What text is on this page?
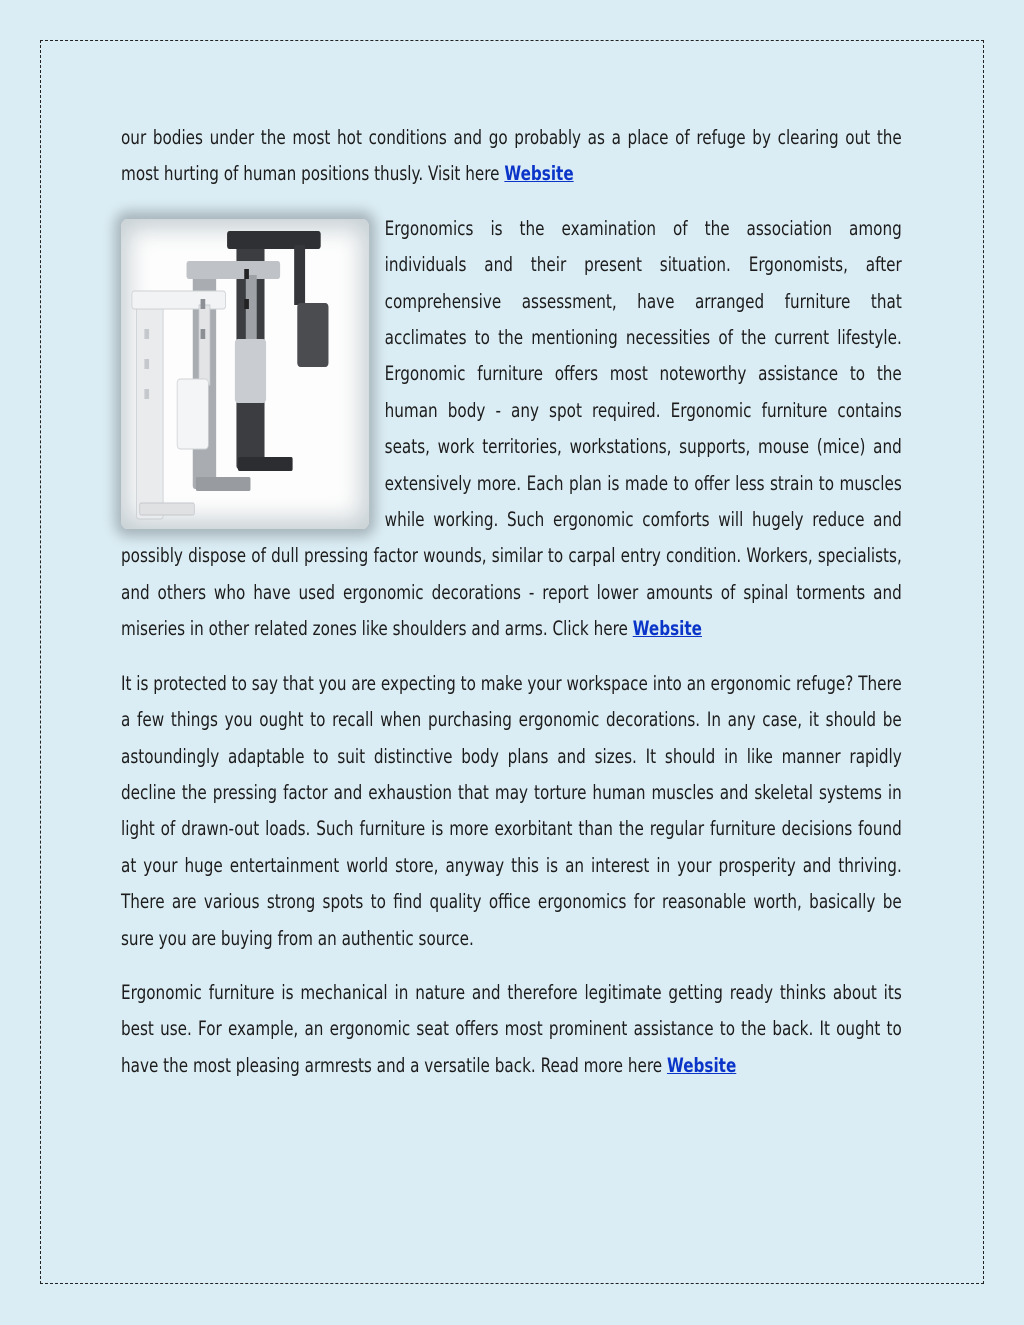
our bodies under the most hot conditions and go probably as a place of refuge by clearing out the most hurting of human positions thusly. Visit here Website

Ergonomics is the examination of the association among individuals and their present situation. Ergonomists, after comprehensive assessment, have arranged furniture that acclimates to the mentioning necessities of the current lifestyle. Ergonomic furniture offers most noteworthy assistance to the human body - any spot required. Ergonomic furniture contains seats, work territories, workstations, supports, mouse (mice) and extensively more. Each plan is made to offer less strain to muscles while working. Such ergonomic comforts will hugely reduce and possibly dispose of dull pressing factor wounds, similar to carpal entry condition. Workers, specialists, and others who have used ergonomic decorations - report lower amounts of spinal torments and miseries in other related zones like shoulders and arms. Click here Website

It is protected to say that you are expecting to make your workspace into an ergonomic refuge? There a few things you ought to recall when purchasing ergonomic decorations. In any case, it should be astoundingly adaptable to suit distinctive body plans and sizes. It should in like manner rapidly decline the pressing factor and exhaustion that may torture human muscles and skeletal systems in light of drawn-out loads. Such furniture is more exorbitant than the regular furniture decisions found at your huge entertainment world store, anyway this is an interest in your prosperity and thriving. There are various strong spots to find quality office ergonomics for reasonable worth, basically be sure you are buying from an authentic source.

Ergonomic furniture is mechanical in nature and therefore legitimate getting ready thinks about its best use. For example, an ergonomic seat offers most prominent assistance to the back. It ought to have the most pleasing armrests and a versatile back. Read more here Website
